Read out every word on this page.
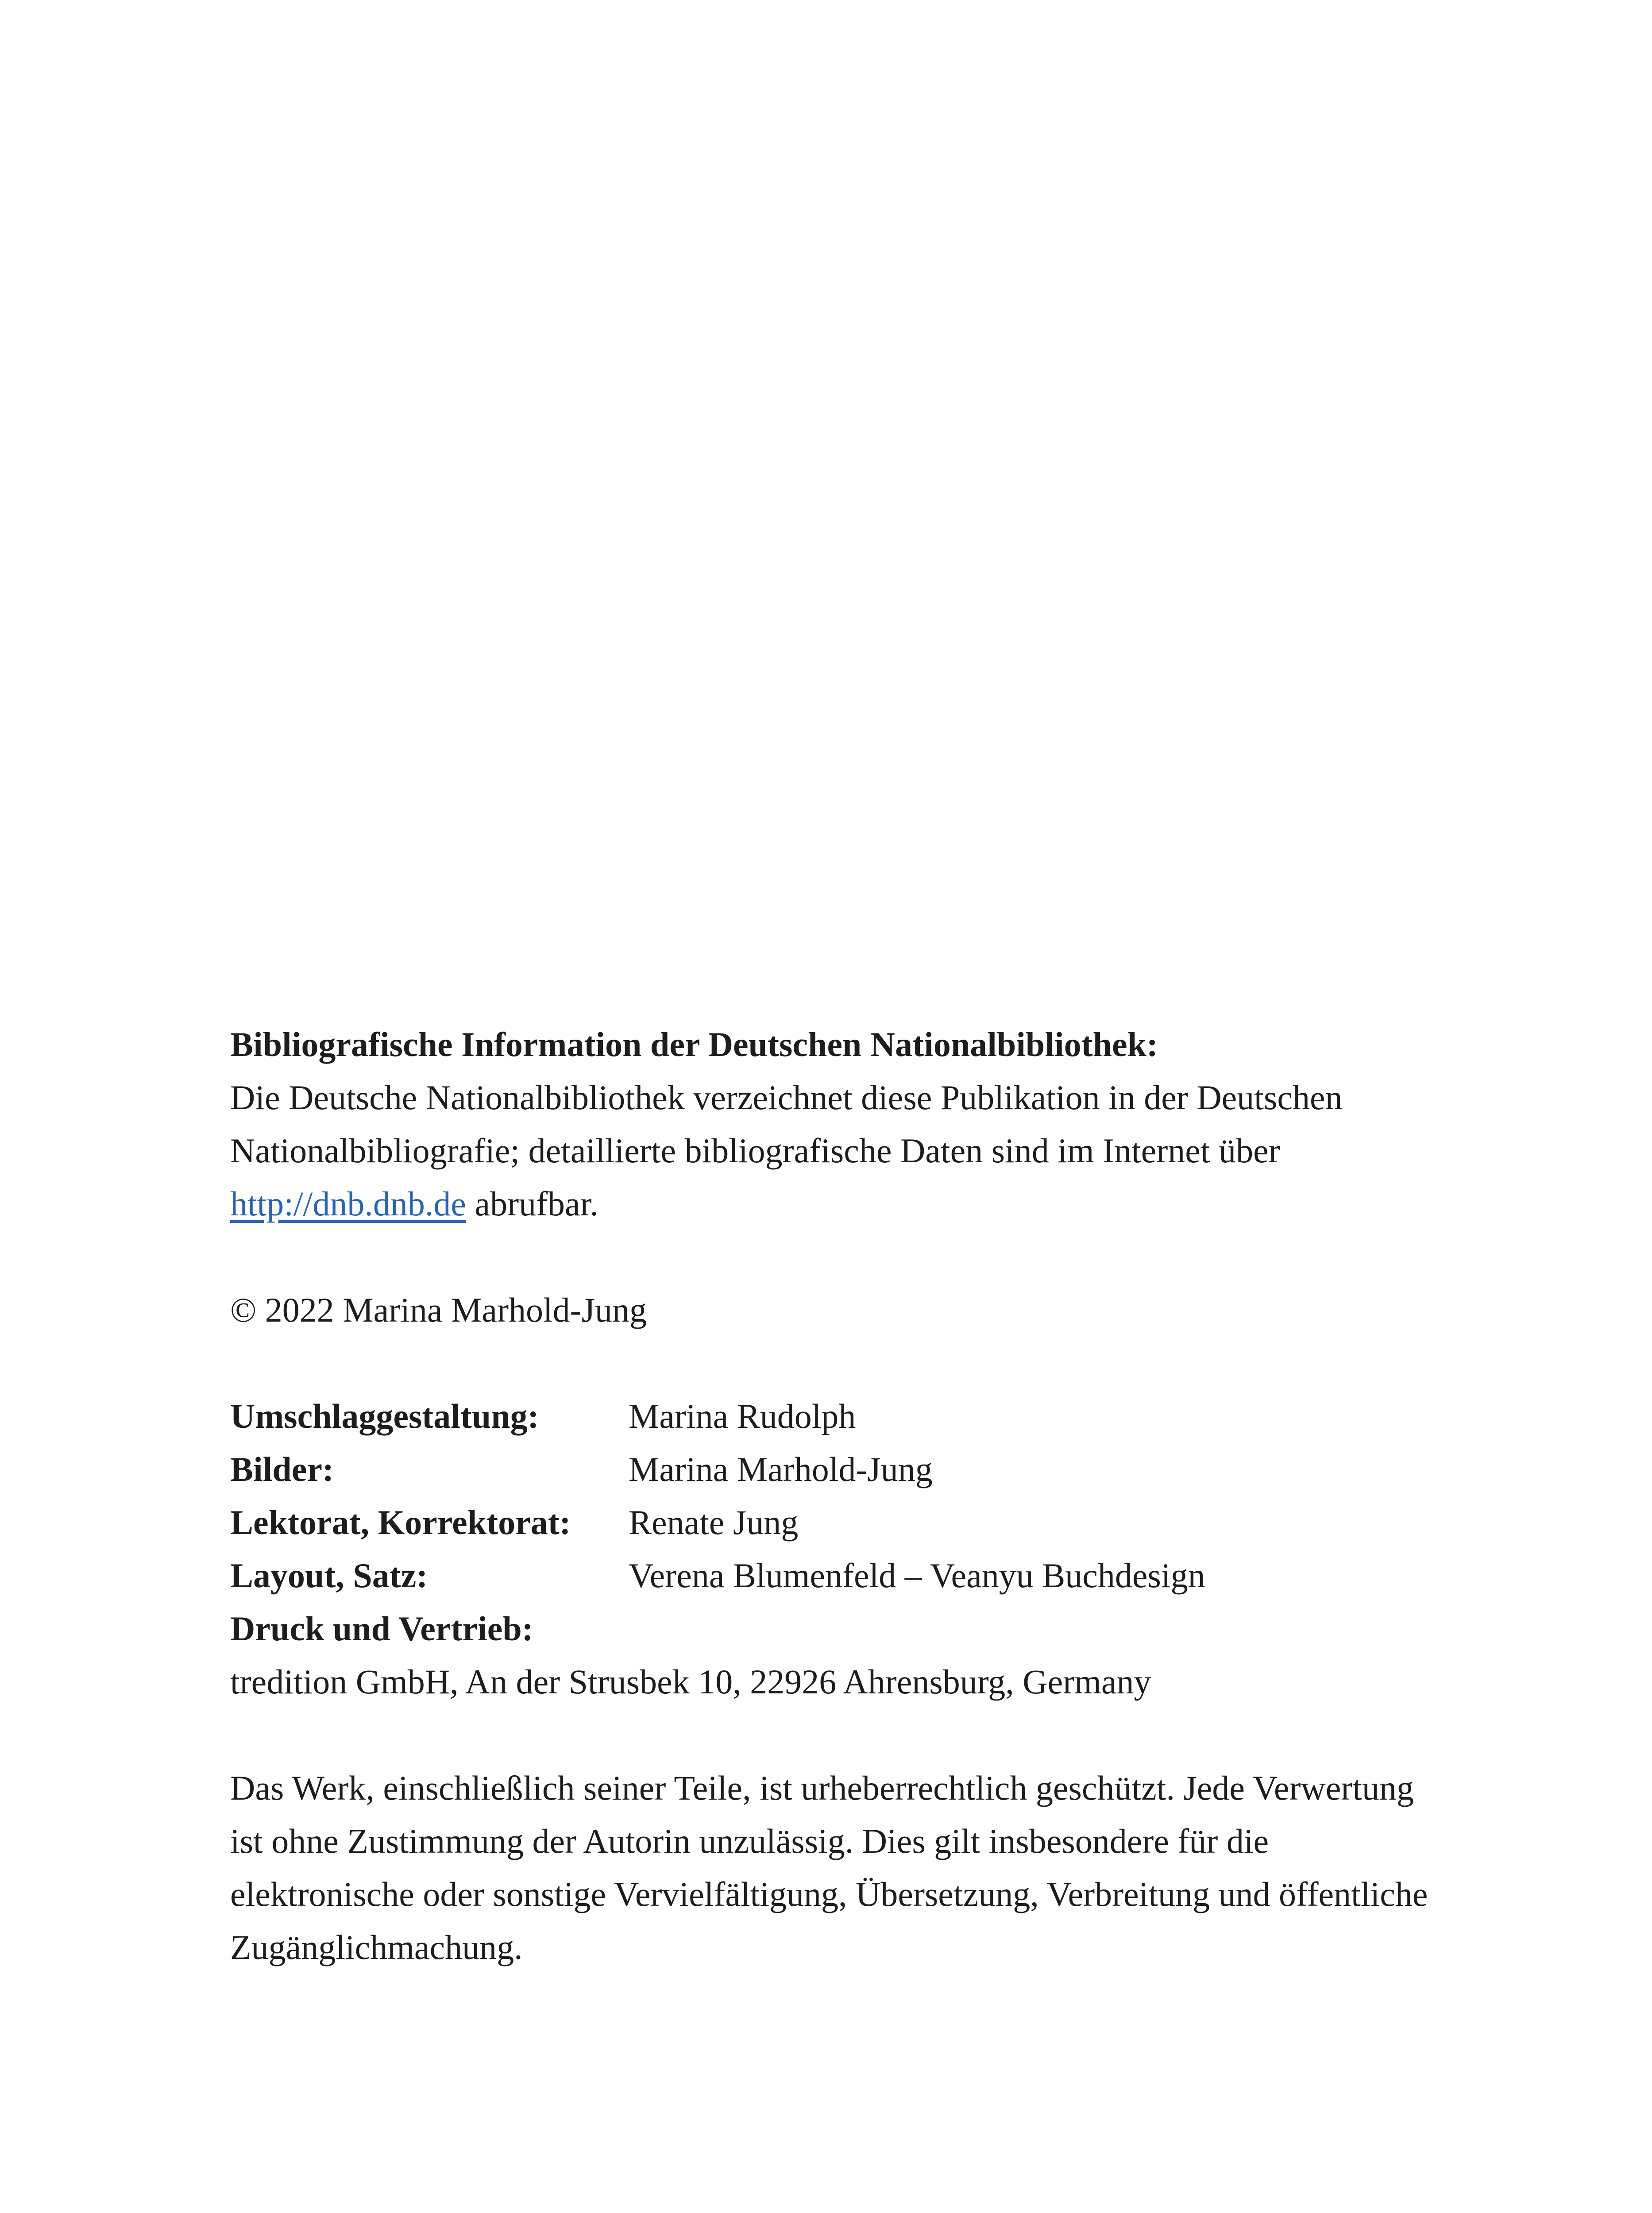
Bibliografische Information der Deutschen Nationalbibliothek:

Die Deutsche Nationalbibliothek verzeichnet diese Publikation in der Deutschen Nationalbibliografie; detaillierte bibliografische Daten sind im Internet über http://dnb.dnb.de abrufbar.

© 2022 Marina Marhold-Jung

Umschlaggestaltung:	Marina Rudolph
Bilder:	Marina Marhold-Jung
Lektorat, Korrektorat:	Renate Jung
Layout, Satz:	Verena Blumenfeld – Veanyu Buchdesign
Druck und Vertrieb:
tredition GmbH, An der Strusbek 10, 22926 Ahrensburg, Germany

Das Werk, einschließlich seiner Teile, ist urheberrechtlich geschützt. Jede Verwertung ist ohne Zustimmung der Autorin unzulässig. Dies gilt insbesondere für die elektronische oder sonstige Vervielfältigung, Übersetzung, Verbreitung und öffentliche Zugänglichmachung.
